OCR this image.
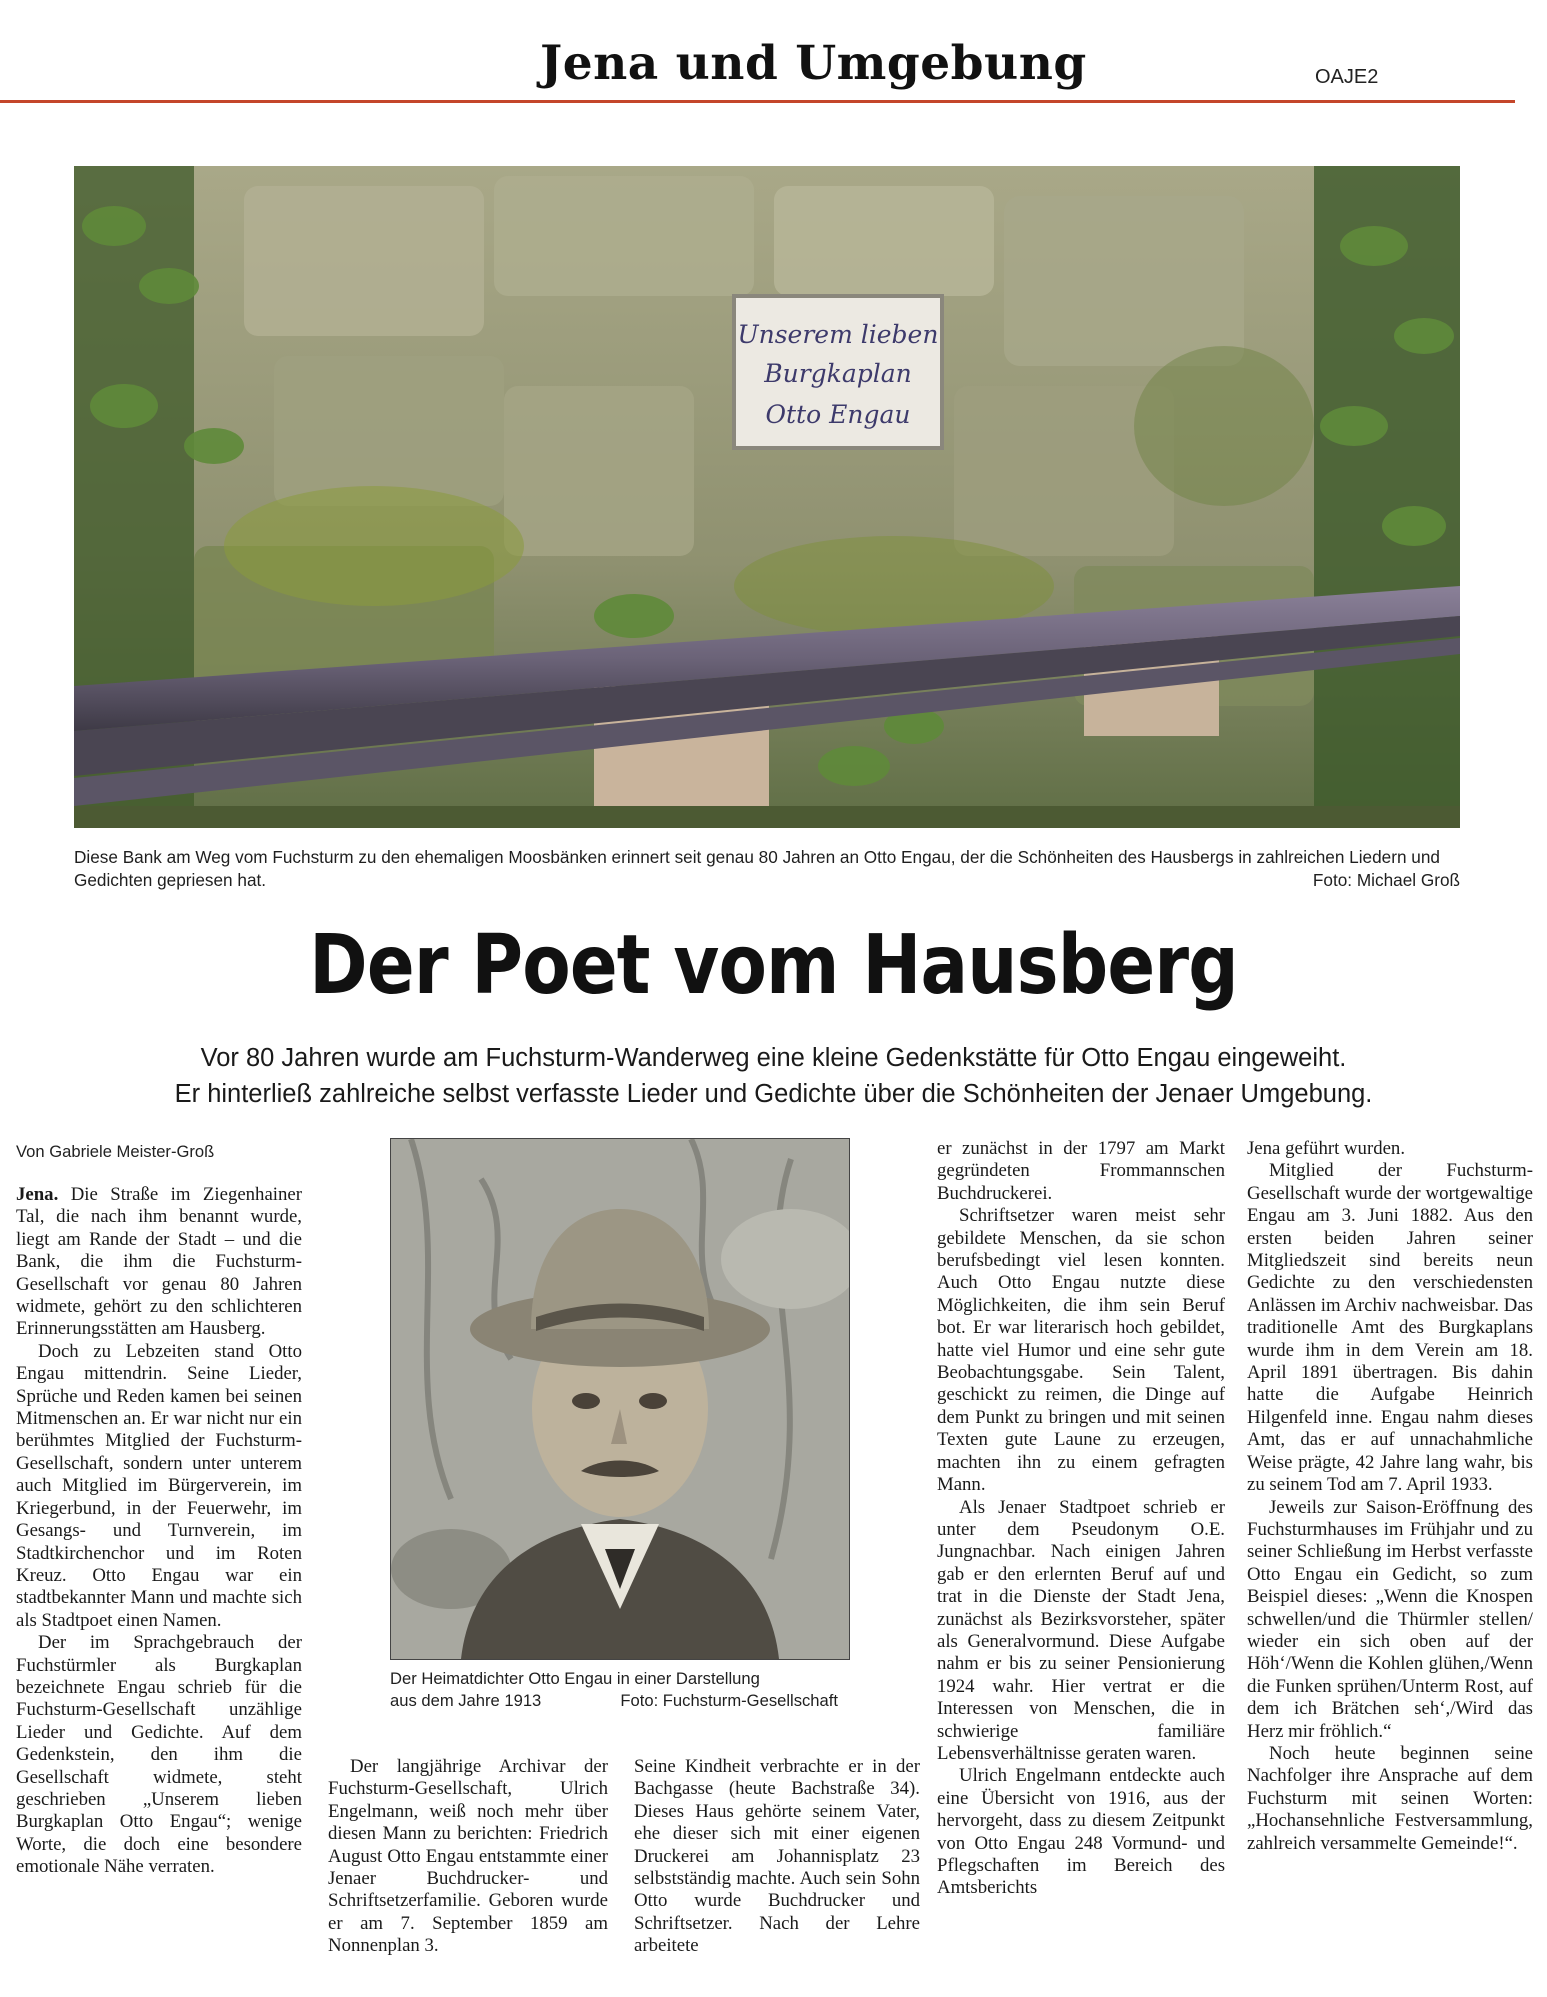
Jena und Umgebung	OAJE2
Unserem lieben
Burgkaplan
Otto Engau
Diese Bank am Weg vom Fuchsturm zu den ehemaligen Moosbänken erinnert seit genau 80 Jahren an Otto Engau, der die Schönheiten des Hausbergs in zahlreichen Liedern und Gedichten gepriesen hat.	Foto: Michael Groß
Der Poet vom Hausberg
Vor 80 Jahren wurde am Fuchsturm-Wanderweg eine kleine Gedenkstätte für Otto Engau eingeweiht.
Er hinterließ zahlreiche selbst verfasste Lieder und Gedichte über die Schönheiten der Jenaer Umgebung.
Von Gabriele Meister-Groß

Jena. Die Straße im Ziegenhainer Tal, die nach ihm benannt wurde, liegt am Rande der Stadt – und die Bank, die ihm die Fuchsturm-Gesellschaft vor genau 80 Jahren widmete, gehört zu den schlichteren Erinnerungsstätten am Hausberg.

Doch zu Lebzeiten stand Otto Engau mittendrin. Seine Lieder, Sprüche und Reden kamen bei seinen Mitmenschen an. Er war nicht nur ein berühmtes Mitglied der Fuchsturm-Gesellschaft, sondern unter unterem auch Mitglied im Bürgerverein, im Kriegerbund, in der Feuerwehr, im Gesangs- und Turnverein, im Stadtkirchenchor und im Roten Kreuz. Otto Engau war ein stadtbekannter Mann und machte sich als Stadtpoet einen Namen.

Der im Sprachgebrauch der Fuchstürmler als Burgkaplan bezeichnete Engau schrieb für die Fuchsturm-Gesellschaft unzählige Lieder und Gedichte. Auf dem Gedenkstein, den ihm die Gesellschaft widmete, steht geschrieben „Unserem lieben Burgkaplan Otto Engau“; wenige Worte, die doch eine besondere emotionale Nähe verraten.

Der Heimatdichter Otto Engau in einer Darstellung
aus dem Jahre 1913	Foto: Fuchsturm-Gesellschaft

Der langjährige Archivar der Fuchsturm-Gesellschaft, Ulrich Engelmann, weiß noch mehr über diesen Mann zu berichten: Friedrich August Otto Engau entstammte einer Jenaer Buchdrucker- und Schriftsetzerfamilie. Geboren wurde er am 7. September 1859 am Nonnenplan 3.

Seine Kindheit verbrachte er in der Bachgasse (heute Bachstraße 34). Dieses Haus gehörte seinem Vater, ehe dieser sich mit einer eigenen Druckerei am Johannisplatz 23 selbstständig machte. Auch sein Sohn Otto wurde Buchdrucker und Schriftsetzer. Nach der Lehre arbeitete

er zunächst in der 1797 am Markt gegründeten Frommannschen Buchdruckerei.

Schriftsetzer waren meist sehr gebildete Menschen, da sie schon berufsbedingt viel lesen konnten. Auch Otto Engau nutzte diese Möglichkeiten, die ihm sein Beruf bot. Er war literarisch hoch gebildet, hatte viel Humor und eine sehr gute Beobachtungsgabe. Sein Talent, geschickt zu reimen, die Dinge auf dem Punkt zu bringen und mit seinen Texten gute Laune zu erzeugen, machten ihn zu einem gefragten Mann.

Als Jenaer Stadtpoet schrieb er unter dem Pseudonym O.E. Jungnachbar. Nach einigen Jahren gab er den erlernten Beruf auf und trat in die Dienste der Stadt Jena, zunächst als Bezirksvorsteher, später als Generalvormund. Diese Aufgabe nahm er bis zu seiner Pensionierung 1924 wahr. Hier vertrat er die Interessen von Menschen, die in schwierige familiäre Lebensverhältnisse geraten waren.

Ulrich Engelmann entdeckte auch eine Übersicht von 1916, aus der hervorgeht, dass zu diesem Zeitpunkt von Otto Engau 248 Vormund- und Pflegschaften im Bereich des Amtsberichts

Jena geführt wurden.

Mitglied der Fuchsturm-Gesellschaft wurde der wortgewaltige Engau am 3. Juni 1882. Aus den ersten beiden Jahren seiner Mitgliedszeit sind bereits neun Gedichte zu den verschiedensten Anlässen im Archiv nachweisbar. Das traditionelle Amt des Burgkaplans wurde ihm in dem Verein am 18. April 1891 übertragen. Bis dahin hatte die Aufgabe Heinrich Hilgenfeld inne. Engau nahm dieses Amt, das er auf unnachahmliche Weise prägte, 42 Jahre lang wahr, bis zu seinem Tod am 7. April 1933.

Jeweils zur Saison-Eröffnung des Fuchsturmhauses im Frühjahr und zu seiner Schließung im Herbst verfasste Otto Engau ein Gedicht, so zum Beispiel dieses: „Wenn die Knospen schwellen/und die Thürmler stellen/ wieder ein sich oben auf der Höh‘/Wenn die Kohlen glühen,/Wenn die Funken sprühen/Unterm Rost, auf dem ich Brätchen seh‘,/Wird das Herz mir fröhlich.“

Noch heute beginnen seine Nachfolger ihre Ansprache auf dem Fuchsturm mit seinen Worten: „Hochansehnliche Festversammlung, zahlreich versammelte Gemeinde!“.
